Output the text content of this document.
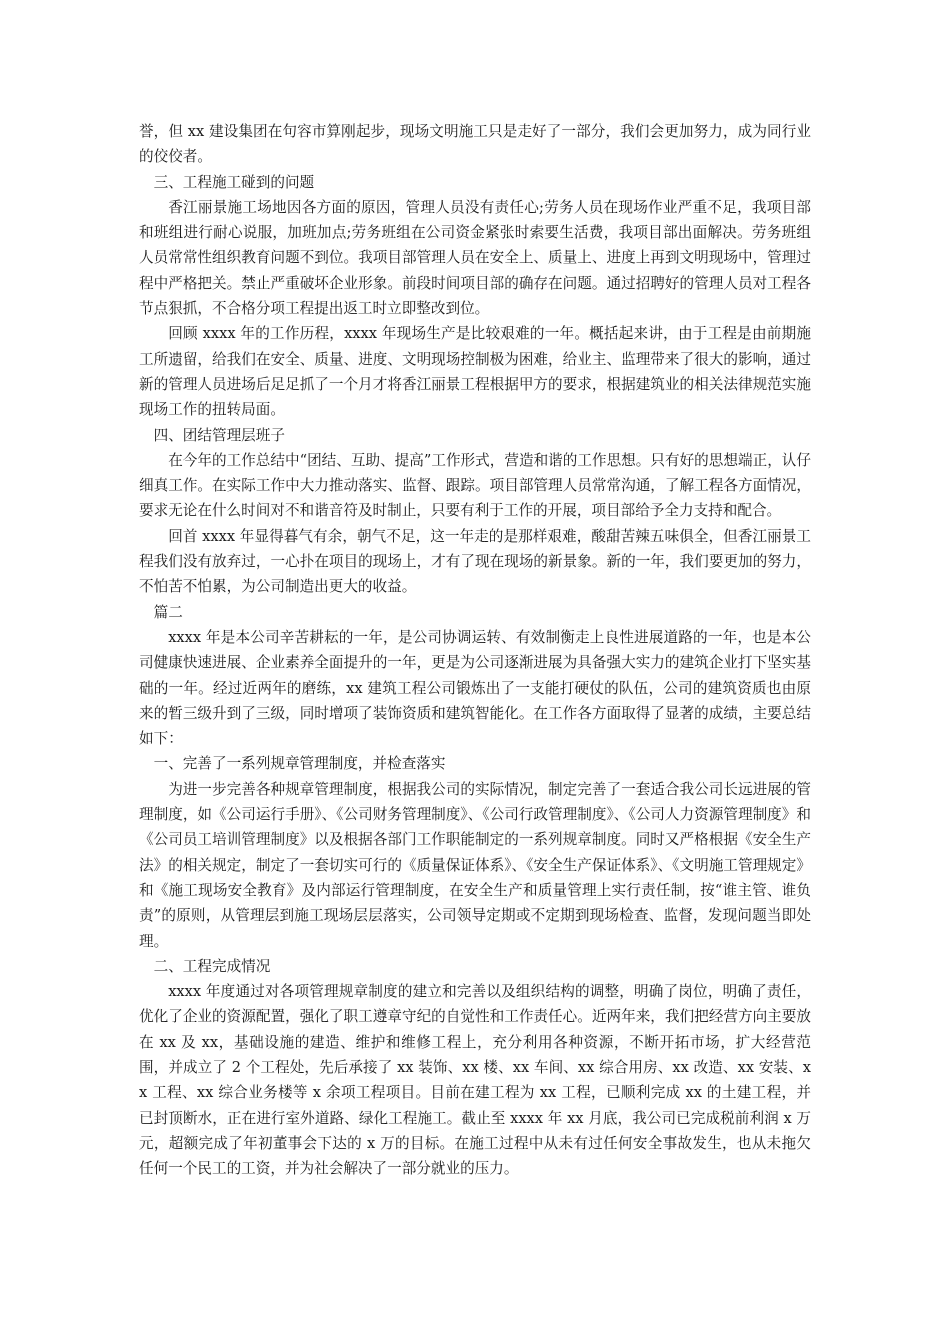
誉，但 xx 建设集团在句容市算刚起步，现场文明施工只是走好了一部分，我们会更加努力，成为同行业的佼佼者。

三、工程施工碰到的问题

香江丽景施工场地因各方面的原因，管理人员没有责任心;劳务人员在现场作业严重不足，我项目部和班组进行耐心说服，加班加点;劳务班组在公司资金紧张时索要生活费，我项目部出面解决。劳务班组人员常常性组织教育问题不到位。我项目部管理人员在安全上、质量上、进度上再到文明现场中，管理过程中严格把关。禁止严重破坏企业形象。前段时间项目部的确存在问题。通过招聘好的管理人员对工程各节点狠抓，不合格分项工程提出返工时立即整改到位。

回顾 xxxx 年的工作历程，xxxx 年现场生产是比较艰难的一年。概括起来讲，由于工程是由前期施工所遗留，给我们在安全、质量、进度、文明现场控制极为困难，给业主、监理带来了很大的影响，通过新的管理人员进场后足足抓了一个月才将香江丽景工程根据甲方的要求，根据建筑业的相关法律规范实施现场工作的扭转局面。

四、团结管理层班子

在今年的工作总结中“团结、互助、提高”工作形式，营造和谐的工作思想。只有好的思想端正，认仔细真工作。在实际工作中大力推动落实、监督、跟踪。项目部管理人员常常沟通，了解工程各方面情况，要求无论在什么时间对不和谐音符及时制止，只要有利于工作的开展，项目部给予全力支持和配合。

回首 xxxx 年显得暮气有余，朝气不足，这一年走的是那样艰难，酸甜苦辣五味俱全，但香江丽景工程我们没有放弃过，一心扑在项目的现场上，才有了现在现场的新景象。新的一年，我们要更加的努力，不怕苦不怕累，为公司制造出更大的收益。

篇二

xxxx 年是本公司辛苦耕耘的一年，是公司协调运转、有效制衡走上良性进展道路的一年，也是本公司健康快速进展、企业素养全面提升的一年，更是为公司逐渐进展为具备强大实力的建筑企业打下坚实基础的一年。经过近两年的磨练，xx 建筑工程公司锻炼出了一支能打硬仗的队伍，公司的建筑资质也由原来的暂三级升到了三级，同时增项了装饰资质和建筑智能化。在工作各方面取得了显著的成绩，主要总结如下：

一、完善了一系列规章管理制度，并检查落实

为进一步完善各种规章管理制度，根据我公司的实际情况，制定完善了一套适合我公司长远进展的管理制度，如《公司运行手册》、《公司财务管理制度》、《公司行政管理制度》、《公司人力资源管理制度》和《公司员工培训管理制度》以及根据各部门工作职能制定的一系列规章制度。同时又严格根据《安全生产法》的相关规定，制定了一套切实可行的《质量保证体系》、《安全生产保证体系》、《文明施工管理规定》和《施工现场安全教育》及内部运行管理制度，在安全生产和质量管理上实行责任制，按“谁主管、谁负责”的原则，从管理层到施工现场层层落实，公司领导定期或不定期到现场检查、监督，发现问题当即处理。

二、工程完成情况

xxxx 年度通过对各项管理规章制度的建立和完善以及组织结构的调整，明确了岗位，明确了责任，优化了企业的资源配置，强化了职工遵章守纪的自觉性和工作责任心。近两年来，我们把经营方向主要放在 xx 及 xx，基础设施的建造、维护和维修工程上，充分利用各种资源，不断开拓市场，扩大经营范围，并成立了 2 个工程处，先后承接了 xx 装饰、xx 楼、xx 车间、xx 综合用房、xx 改造、xx 安装、xx 工程、xx 综合业务楼等 x 余项工程项目。目前在建工程为 xx 工程，已顺利完成 xx 的土建工程，并已封顶断水，正在进行室外道路、绿化工程施工。截止至 xxxx 年 xx 月底，我公司已完成税前利润 x 万元，超额完成了年初董事会下达的 x 万的目标。在施工过程中从未有过任何安全事故发生，也从未拖欠任何一个民工的工资，并为社会解决了一部分就业的压力。
